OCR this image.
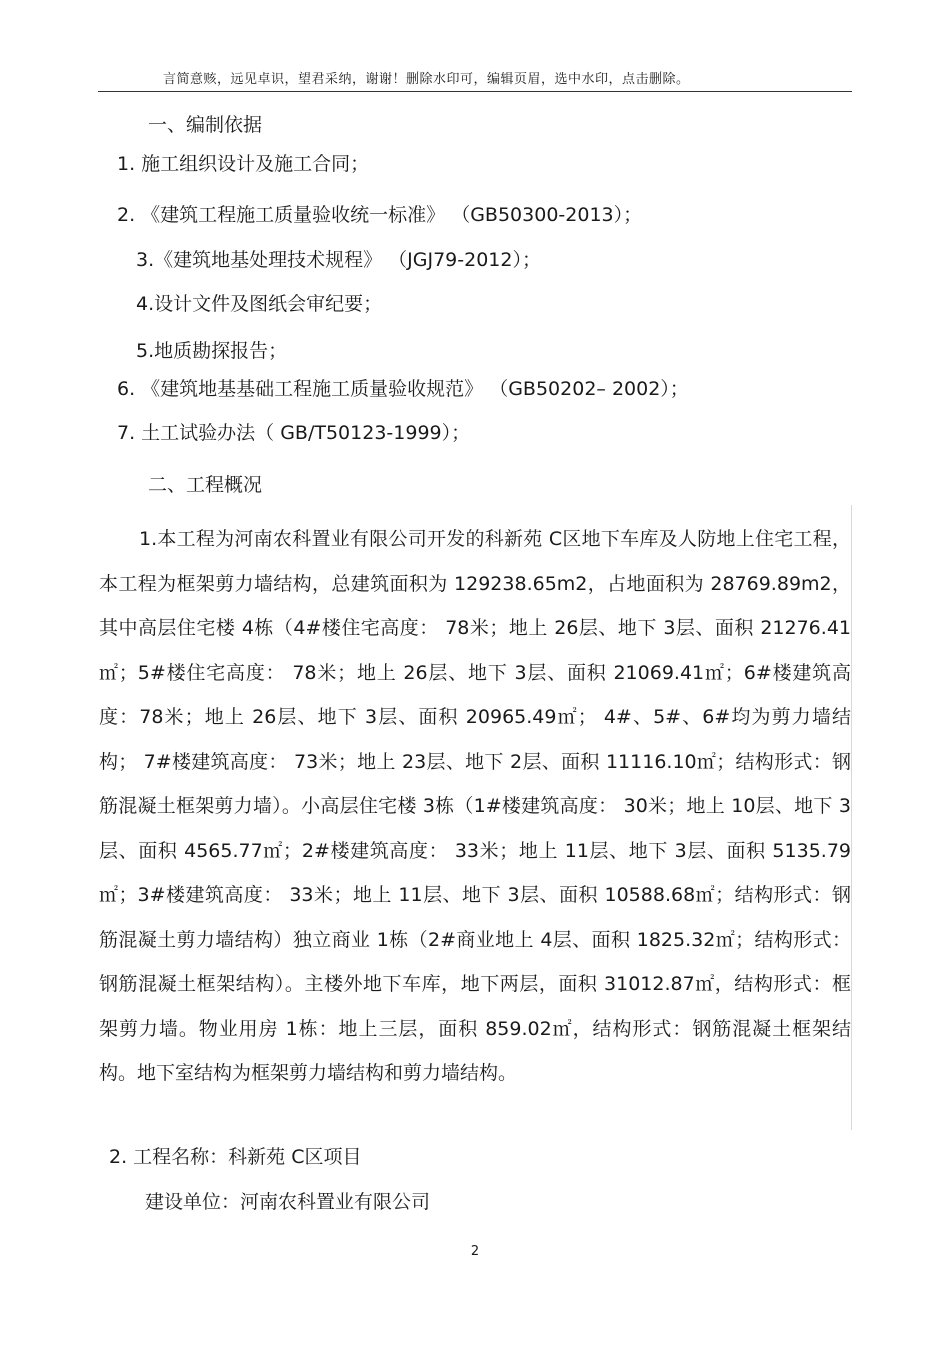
言简意赅，远见卓识，望君采纳，谢谢！删除水印可，编辑页眉，选中水印，点击删除。
一、编制依据
1. 施工组织设计及施工合同；
2. 《建筑工程施工质量验收统一标准》 （GB50300-2013）；
3.《建筑地基处理技术规程》 （JGJ79-2012）；
4.设计文件及图纸会审纪要；
5.地质勘探报告；
6. 《建筑地基基础工程施工质量验收规范》 （GB50202– 2002）；
7. 土工试验办法（ GB/T50123-1999）；
二、工程概况
1.本工程为河南农科置业有限公司开发的科新苑 C区地下车库及人防地上住宅工程，本工程为框架剪力墙结构，总建筑面积为 129238.65m2，占地面积为 28769.89m2，其中高层住宅楼 4栋（4#楼住宅高度： 78米；地上 26层、地下 3层、面积 21276.41㎡；5#楼住宅高度： 78米；地上 26层、地下 3层、面积 21069.41㎡；6#楼建筑高度：78米；地上 26层、地下 3层、面积 20965.49㎡； 4#、5#、6#均为剪力墙结构； 7#楼建筑高度： 73米；地上 23层、地下 2层、面积 11116.10㎡；结构形式：钢筋混凝土框架剪力墙）。小高层住宅楼 3栋（1#楼建筑高度： 30米；地上 10层、地下 3层、面积 4565.77㎡；2#楼建筑高度： 33米；地上 11层、地下 3层、面积 5135.79㎡；3#楼建筑高度： 33米；地上 11层、地下 3层、面积 10588.68㎡；结构形式：钢筋混凝土剪力墙结构）独立商业 1栋（2#商业地上 4层、面积 1825.32㎡；结构形式：钢筋混凝土框架结构）。主楼外地下车库，地下两层，面积 31012.87㎡，结构形式：框架剪力墙。物业用房 1栋：地上三层，面积 859.02㎡，结构形式：钢筋混凝土框架结构。地下室结构为框架剪力墙结构和剪力墙结构。
2. 工程名称：科新苑 C区项目
建设单位：河南农科置业有限公司
2
